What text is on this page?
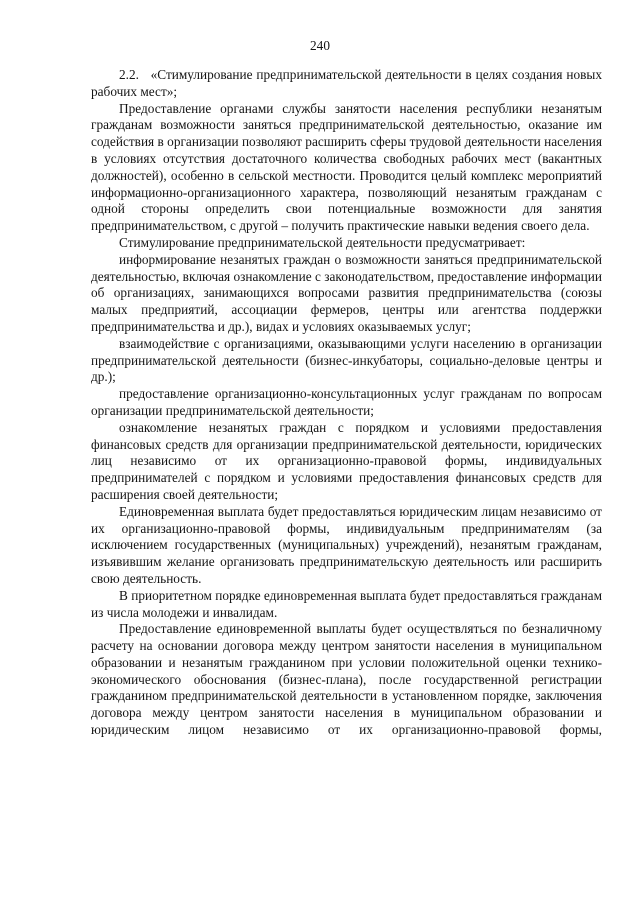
240

2.2.   «Стимулирование предпринимательской деятельности в целях создания новых рабочих мест»;

Предоставление органами службы занятости населения республики незанятым гражданам возможности заняться предпринимательской деятельностью, оказание им содействия в организации позволяют расширить сферы трудовой деятельности населения в условиях отсутствия достаточного количества свободных рабочих мест (вакантных должностей), особенно в сельской местности. Проводится целый комплекс мероприятий информационно-организационного характера, позволяющий незанятым гражданам с одной стороны определить свои потенциальные возможности для занятия предпринимательством, с другой – получить практические навыки ведения своего дела.

Стимулирование предпринимательской деятельности предусматривает:

информирование незанятых граждан о возможности заняться предпринимательской деятельностью, включая ознакомление с законодательством, предоставление информации об организациях, занимающихся вопросами развития предпринимательства (союзы малых предприятий, ассоциации фермеров, центры или агентства поддержки предпринимательства и др.), видах и условиях оказываемых услуг;

взаимодействие с организациями, оказывающими услуги населению в организации предпринимательской деятельности (бизнес-инкубаторы, социально-деловые центры и др.);

предоставление организационно-консультационных услуг гражданам по вопросам организации предпринимательской деятельности;

ознакомление незанятых граждан с порядком и условиями предоставления финансовых средств для организации предпринимательской деятельности, юридических лиц независимо от их организационно-правовой формы, индивидуальных предпринимателей с порядком и условиями предоставления финансовых средств для расширения своей деятельности;

Единовременная выплата будет предоставляться юридическим лицам независимо от их организационно-правовой формы, индивидуальным предпринимателям (за исключением государственных (муниципальных) учреждений), незанятым гражданам, изъявившим желание организовать предпринимательскую деятельность или расширить свою деятельность.

В приоритетном порядке единовременная выплата будет предоставляться гражданам из числа молодежи и инвалидам.

Предоставление единовременной выплаты будет осуществляться по безналичному расчету на основании договора между центром занятости населения в муниципальном образовании и незанятым гражданином при условии положительной оценки технико-экономического обоснования (бизнес-плана), после государственной регистрации гражданином предпринимательской деятельности в установленном порядке, заключения договора между центром занятости населения в муниципальном образовании и юридическим лицом независимо от их организационно-правовой формы,
